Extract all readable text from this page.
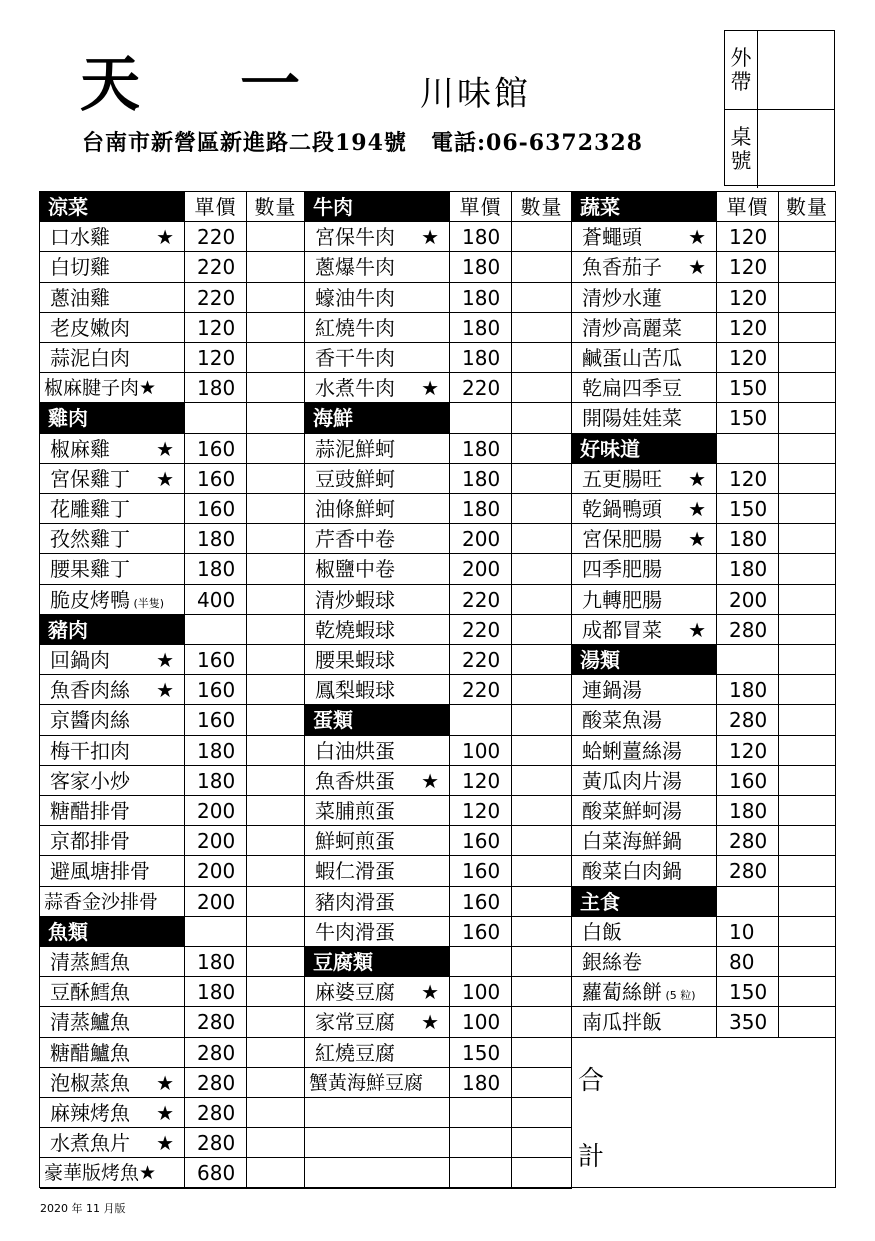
天一 川味館
台南市新營區新進路二段194號 電話:06-6372328
外帶
桌號
涼菜	單價 數量
口水雞 ★	220
白切雞	220
蔥油雞	220
老皮嫩肉	120
蒜泥白肉	120
椒麻腱子肉★	180
雞肉
椒麻雞 ★	160
宮保雞丁 ★	160
花雕雞丁	160
孜然雞丁	180
腰果雞丁	180
脆皮烤鴨 (半隻)	400
豬肉
回鍋肉 ★	160
魚香肉絲 ★	160
京醬肉絲	160
梅干扣肉	180
客家小炒	180
糖醋排骨	200
京都排骨	200
避風塘排骨	200
蒜香金沙排骨	200
魚類
清蒸鱈魚	180
豆酥鱈魚	180
清蒸鱸魚	280
糖醋鱸魚	280
泡椒蒸魚 ★	280
麻辣烤魚 ★	280
水煮魚片 ★	280
豪華版烤魚★	680
牛肉	單價 數量
宮保牛肉 ★	180
蔥爆牛肉	180
蠔油牛肉	180
紅燒牛肉	180
香干牛肉	180
水煮牛肉 ★	220
海鮮
蒜泥鮮蚵	180
豆豉鮮蚵	180
油條鮮蚵	180
芹香中卷	200
椒鹽中卷	200
清炒蝦球	220
乾燒蝦球	220
腰果蝦球	220
鳳梨蝦球	220
蛋類
白油烘蛋	100
魚香烘蛋 ★	120
菜脯煎蛋	120
鮮蚵煎蛋	160
蝦仁滑蛋	160
豬肉滑蛋	160
牛肉滑蛋	160
豆腐類
麻婆豆腐 ★	100
家常豆腐 ★	100
紅燒豆腐	150
蟹黃海鮮豆腐	180
蔬菜	單價 數量
蒼蠅頭 ★	120
魚香茄子 ★	120
清炒水蓮	120
清炒高麗菜	120
鹹蛋山苦瓜	120
乾扁四季豆	150
開陽娃娃菜	150
好味道
五更腸旺 ★	120
乾鍋鴨頭 ★	150
宮保肥腸 ★	180
四季肥腸	180
九轉肥腸	200
成都冒菜 ★	280
湯類
連鍋湯	180
酸菜魚湯	280
蛤蜊薑絲湯	120
黃瓜肉片湯	160
酸菜鮮蚵湯	180
白菜海鮮鍋	280
酸菜白肉鍋	280
主食
白飯	10
銀絲卷	80
蘿蔔絲餅 (5 粒)	150
南瓜拌飯	350
合
計
2020 年 11 月版
